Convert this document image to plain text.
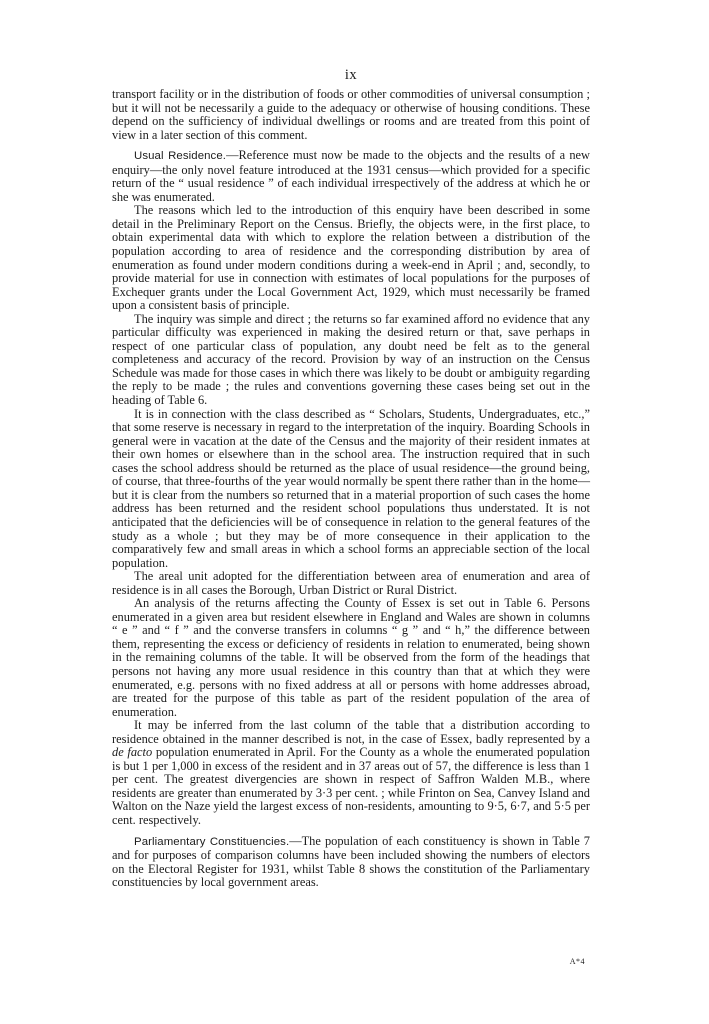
ix

transport facility or in the distribution of foods or other commodities of universal consumption ; but it will not be necessarily a guide to the adequacy or otherwise of housing conditions. These depend on the sufficiency of individual dwellings or rooms and are treated from this point of view in a later section of this comment.

Usual Residence.—Reference must now be made to the objects and the results of a new enquiry—the only novel feature introduced at the 1931 census—which provided for a specific return of the “ usual residence ” of each individual irrespectively of the address at which he or she was enumerated.

The reasons which led to the introduction of this enquiry have been described in some detail in the Preliminary Report on the Census. Briefly, the objects were, in the first place, to obtain experimental data with which to explore the relation between a distribution of the population according to area of residence and the corresponding distribution by area of enumeration as found under modern conditions during a week-end in April ; and, secondly, to provide material for use in connection with estimates of local populations for the purposes of Exchequer grants under the Local Government Act, 1929, which must necessarily be framed upon a consistent basis of principle.

The inquiry was simple and direct ; the returns so far examined afford no evidence that any particular difficulty was experienced in making the desired return or that, save perhaps in respect of one particular class of population, any doubt need be felt as to the general completeness and accuracy of the record. Provision by way of an instruction on the Census Schedule was made for those cases in which there was likely to be doubt or ambiguity regarding the reply to be made ; the rules and conventions governing these cases being set out in the heading of Table 6.

It is in connection with the class described as “ Scholars, Students, Undergraduates, etc.,” that some reserve is necessary in regard to the interpretation of the inquiry. Boarding Schools in general were in vacation at the date of the Census and the majority of their resident inmates at their own homes or elsewhere than in the school area. The instruction required that in such cases the school address should be returned as the place of usual residence—the ground being, of course, that three-fourths of the year would normally be spent there rather than in the home—but it is clear from the numbers so returned that in a material proportion of such cases the home address has been returned and the resident school populations thus understated. It is not anticipated that the deficiencies will be of consequence in relation to the general features of the study as a whole ; but they may be of more consequence in their application to the comparatively few and small areas in which a school forms an appreciable section of the local population.

The areal unit adopted for the differentiation between area of enumeration and area of residence is in all cases the Borough, Urban District or Rural District.

An analysis of the returns affecting the County of Essex is set out in Table 6. Persons enumerated in a given area but resident elsewhere in England and Wales are shown in columns “ e ” and “ f ” and the converse transfers in columns “ g ” and “ h,” the difference between them, representing the excess or deficiency of residents in relation to enumerated, being shown in the remaining columns of the table. It will be observed from the form of the headings that persons not having any more usual residence in this country than that at which they were enumerated, e.g. persons with no fixed address at all or persons with home addresses abroad, are treated for the purpose of this table as part of the resident population of the area of enumeration.

It may be inferred from the last column of the table that a distribution according to residence obtained in the manner described is not, in the case of Essex, badly represented by a de facto population enumerated in April. For the County as a whole the enumerated population is but 1 per 1,000 in excess of the resident and in 37 areas out of 57, the difference is less than 1 per cent. The greatest divergencies are shown in respect of Saffron Walden M.B., where residents are greater than enumerated by 3·3 per cent. ; while Frinton on Sea, Canvey Island and Walton on the Naze yield the largest excess of non-residents, amounting to 9·5, 6·7, and 5·5 per cent. respectively.

Parliamentary Constituencies.—The population of each constituency is shown in Table 7 and for purposes of comparison columns have been included showing the numbers of electors on the Electoral Register for 1931, whilst Table 8 shows the constitution of the Parliamentary constituencies by local government areas.

A*4
